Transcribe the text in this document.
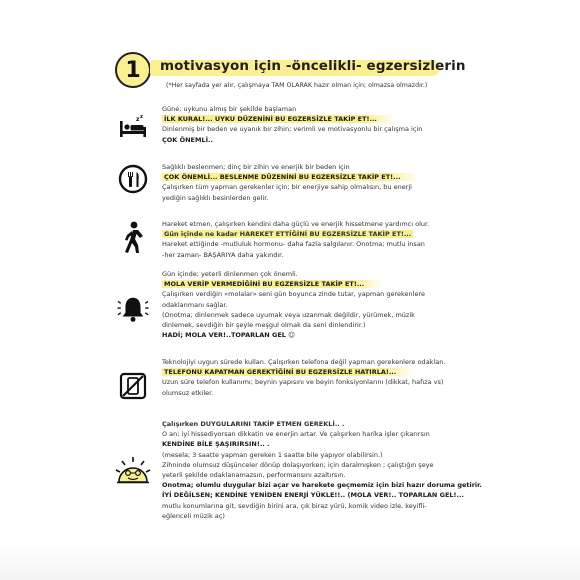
1 motivasyon için -öncelikli- egzersizlerin
(*Her sayfada yer alır, çalışmaya TAM OLARAK hazır olman için; olmazsa olmazdır.)
z z
Güne; uykunu almış bir şekilde başlaman
İLK KURAL!... UYKU DÜZENİNİ BU EGZERSİZLE TAKİP ET!...
Dinlenmiş bir beden ve uyanık bir zihin; verimli ve motivasyonlu bir çalışma için
ÇOK ÖNEMLİ..
Sağlıklı beslenmen; dinç bir zihin ve enerjik bir beden için
ÇOK ÖNEMLİ... BESLENME DÜZENİNİ BU EGZERSİZLE TAKİP ET!...
Çalışırken tüm yapman gerekenler için; bir enerjiye sahip olmalısın, bu enerji
yediğin sağlıklı besinlerden gelir.
Hareket etmen, çalışırken kendini daha güçlü ve enerjik hissetmene yardımcı olur.
Gün içinde ne kadar HAREKET ETTİĞİNİ BU EGZERSİZLE TAKİP ET!...
Hareket ettiğinde -mutluluk hormonu- daha fazla salgılanır. Onotma; mutlu insan
-her zaman- BAŞARIYA daha yakındır.
Gün içinde; yeterli dinlenmen çok önemli.
MOLA VERİP VERMEDİĞİNİ BU EGZERSİZLE TAKİP ET!...
Çalışırken verdiğin «molalar» seni gün boyunca zinde tutar, yapman gerekenlere
odaklanmanı sağlar.
(Onotma; dinlenmek sadece uyumak veya uzanmak değildir, yürümek, müzik
dinlemek, sevdiğin bir şeyle meşgul olmak da seni dinlendirir.)
HADİ; MOLA VER!..TOPARLAN GEL ☺
Teknolojiyi uygun sürede kullan. Çalışırken telefona değil yapman gerekenlere odaklan.
TELEFONU KAPATMAN GEREKTİĞİNİ BU EGZERSİZLE HATIRLA!...
Uzun süre telefon kullanımı; beynin yapısını ve beyin fonksiyonlarını (dikkat, hafıza vs)
olumsuz etkiler.
Çalışırken DUYGULARINI TAKİP ETMEN GEREKLİ.. .
O an; iyi hissediyorsan dikkatin ve enerjin artar. Ve çalışırken harika işler çıkarırsın
KENDİNE BİLE ŞAŞIRIRSIN!.. .
(mesela; 3 saatte yapman gereken 1 saatte bile yapıyor olabilirsin.)
Zihninde olumsuz düşünceler dönüp dolaşıyorken; için daralmışken ; çalıştığın şeye
yeterli şekilde odaklanamazsın, performansını azaltırsın.
Onotma; olumlu duygular bizi açar ve harekete geçmemiz için bizi hazır doruma getirir.
İYİ DEĞİLSEN; KENDİNE YENİDEN ENERJİ YÜKLE!!.. (MOLA VER!.. TOPARLAN GEL!...
mutlu konumlarına git, sevdiğin birini ara, çık biraz yürü, komik video izle, keyifli-
eğlenceli müzik aç)
